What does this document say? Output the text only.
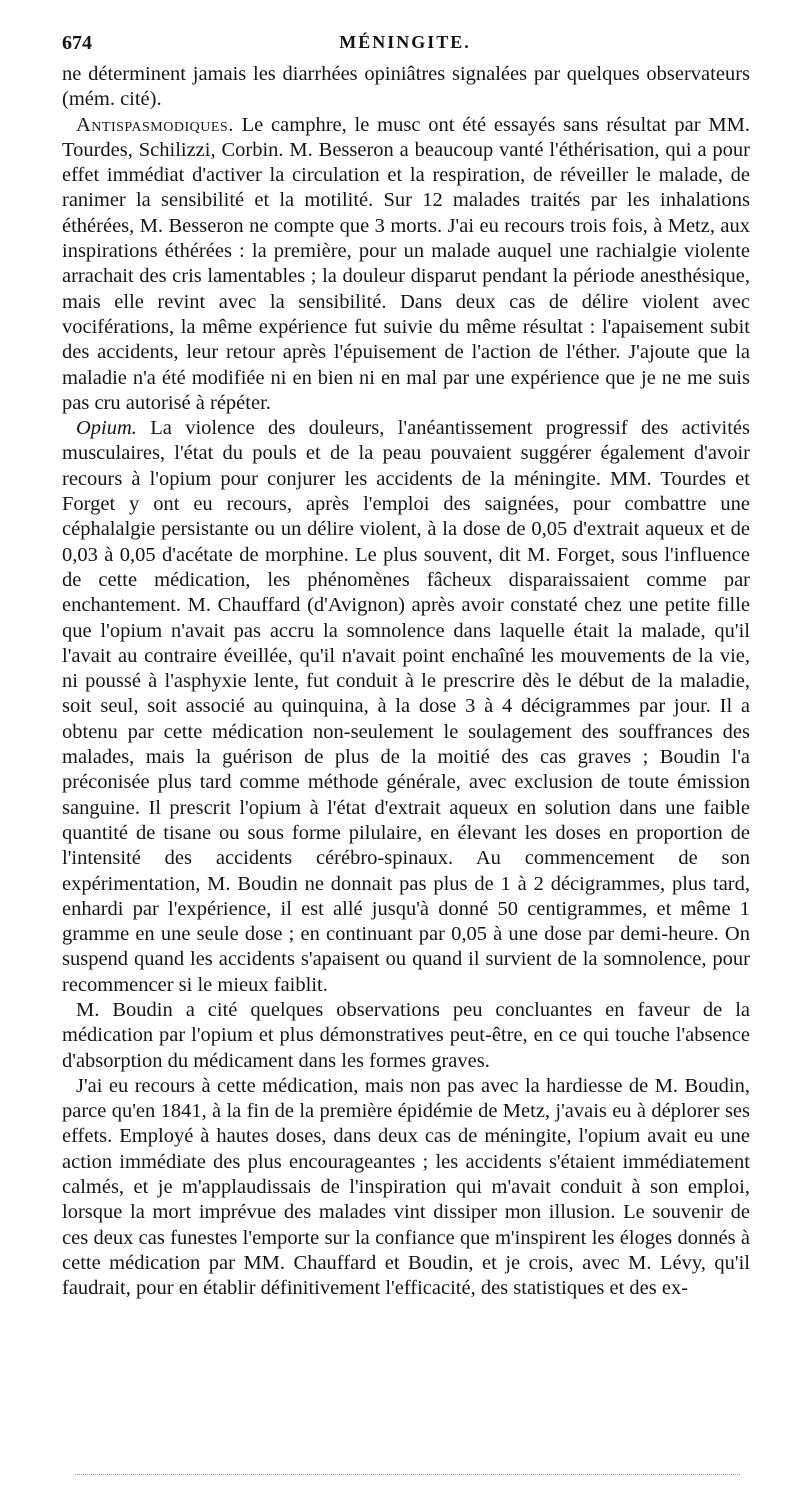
674	MÉNINGITE.

ne déterminent jamais les diarrhées opiniâtres signalées par quelques observateurs (mém. cité).

Antispasmodiques. Le camphre, le musc ont été essayés sans résultat par MM. Tourdes, Schilizzi, Corbin. M. Besseron a beaucoup vanté l'éthérisation, qui a pour effet immédiat d'activer la circulation et la respiration, de réveiller le malade, de ranimer la sensibilité et la motilité. Sur 12 malades traités par les inhalations éthérées, M. Besseron ne compte que 3 morts. J'ai eu recours trois fois, à Metz, aux inspirations éthérées : la première, pour un malade auquel une rachialgie violente arrachait des cris lamentables ; la douleur disparut pendant la période anesthésique, mais elle revint avec la sensibilité. Dans deux cas de délire violent avec vociférations, la même expérience fut suivie du même résultat : l'apaisement subit des accidents, leur retour après l'épuisement de l'action de l'éther. J'ajoute que la maladie n'a été modifiée ni en bien ni en mal par une expérience que je ne me suis pas cru autorisé à répéter.

Opium. La violence des douleurs, l'anéantissement progressif des activités musculaires, l'état du pouls et de la peau pouvaient suggérer également d'avoir recours à l'opium pour conjurer les accidents de la méningite. MM. Tourdes et Forget y ont eu recours, après l'emploi des saignées, pour combattre une céphalalgie persistante ou un délire violent, à la dose de 0,05 d'extrait aqueux et de 0,03 à 0,05 d'acétate de morphine. Le plus souvent, dit M. Forget, sous l'influence de cette médication, les phénomènes fâcheux disparaissaient comme par enchantement. M. Chauffard (d'Avignon) après avoir constaté chez une petite fille que l'opium n'avait pas accru la somnolence dans laquelle était la malade, qu'il l'avait au contraire éveillée, qu'il n'avait point enchaîné les mouvements de la vie, ni poussé à l'asphyxie lente, fut conduit à le prescrire dès le début de la maladie, soit seul, soit associé au quinquina, à la dose 3 à 4 décigrammes par jour. Il a obtenu par cette médication non-seulement le soulagement des souffrances des malades, mais la guérison de plus de la moitié des cas graves ; Boudin l'a préconisée plus tard comme méthode générale, avec exclusion de toute émission sanguine. Il prescrit l'opium à l'état d'extrait aqueux en solution dans une faible quantité de tisane ou sous forme pilulaire, en élevant les doses en proportion de l'intensité des accidents cérébro-spinaux. Au commencement de son expérimentation, M. Boudin ne donnait pas plus de 1 à 2 décigrammes, plus tard, enhardi par l'expérience, il est allé jusqu'à donné 50 centigrammes, et même 1 gramme en une seule dose ; en continuant par 0,05 à une dose par demi-heure. On suspend quand les accidents s'apaisent ou quand il survient de la somnolence, pour recommencer si le mieux faiblit.

M. Boudin a cité quelques observations peu concluantes en faveur de la médication par l'opium et plus démonstratives peut-être, en ce qui touche l'absence d'absorption du médicament dans les formes graves.

J'ai eu recours à cette médication, mais non pas avec la hardiesse de M. Boudin, parce qu'en 1841, à la fin de la première épidémie de Metz, j'avais eu à déplorer ses effets. Employé à hautes doses, dans deux cas de méningite, l'opium avait eu une action immédiate des plus encourageantes ; les accidents s'étaient immédiatement calmés, et je m'applaudissais de l'inspiration qui m'avait conduit à son emploi, lorsque la mort imprévue des malades vint dissiper mon illusion. Le souvenir de ces deux cas funestes l'emporte sur la confiance que m'inspirent les éloges donnés à cette médication par MM. Chauffard et Boudin, et je crois, avec M. Lévy, qu'il faudrait, pour en établir définitivement l'efficacité, des statistiques et des ex-
